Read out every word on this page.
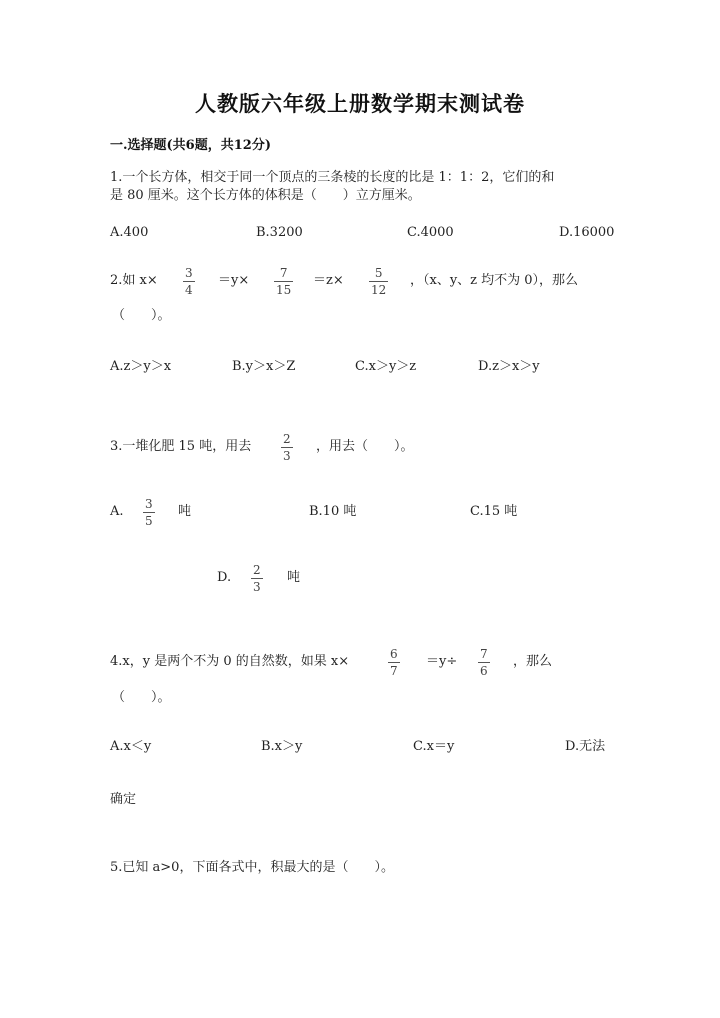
人教版六年级上册数学期末测试卷
一.选择题(共6题，共12分)
1.一个长方体，相交于同一个顶点的三条棱的长度的比是 1：1：2，它们的和
是 80 厘米。这个长方体的体积是（　　）立方厘米。
A.400	B.3200	C.4000	D.16000
2.如 x× 3
4
＝y×	7
15
＝z×	5
12
，（x、y、z 均不为 0），那么
（　　）。
A.z＞y＞x	B.y＞x＞Z	C.x＞y＞z	D.z＞x＞y
3.一堆化肥 15 吨，用去	2
3
，用去（　　）。
A. 3
5
吨	B.10 吨	C.15 吨
D. 2
3
吨
4.x，y 是两个不为 0 的自然数，如果 x×	6
7
＝y÷ 7
6
，那么
（　　）。
A.x＜y	B.x＞y	C.x＝y	D.无法
确定
5.已知 a>0，下面各式中，积最大的是（　　）。
